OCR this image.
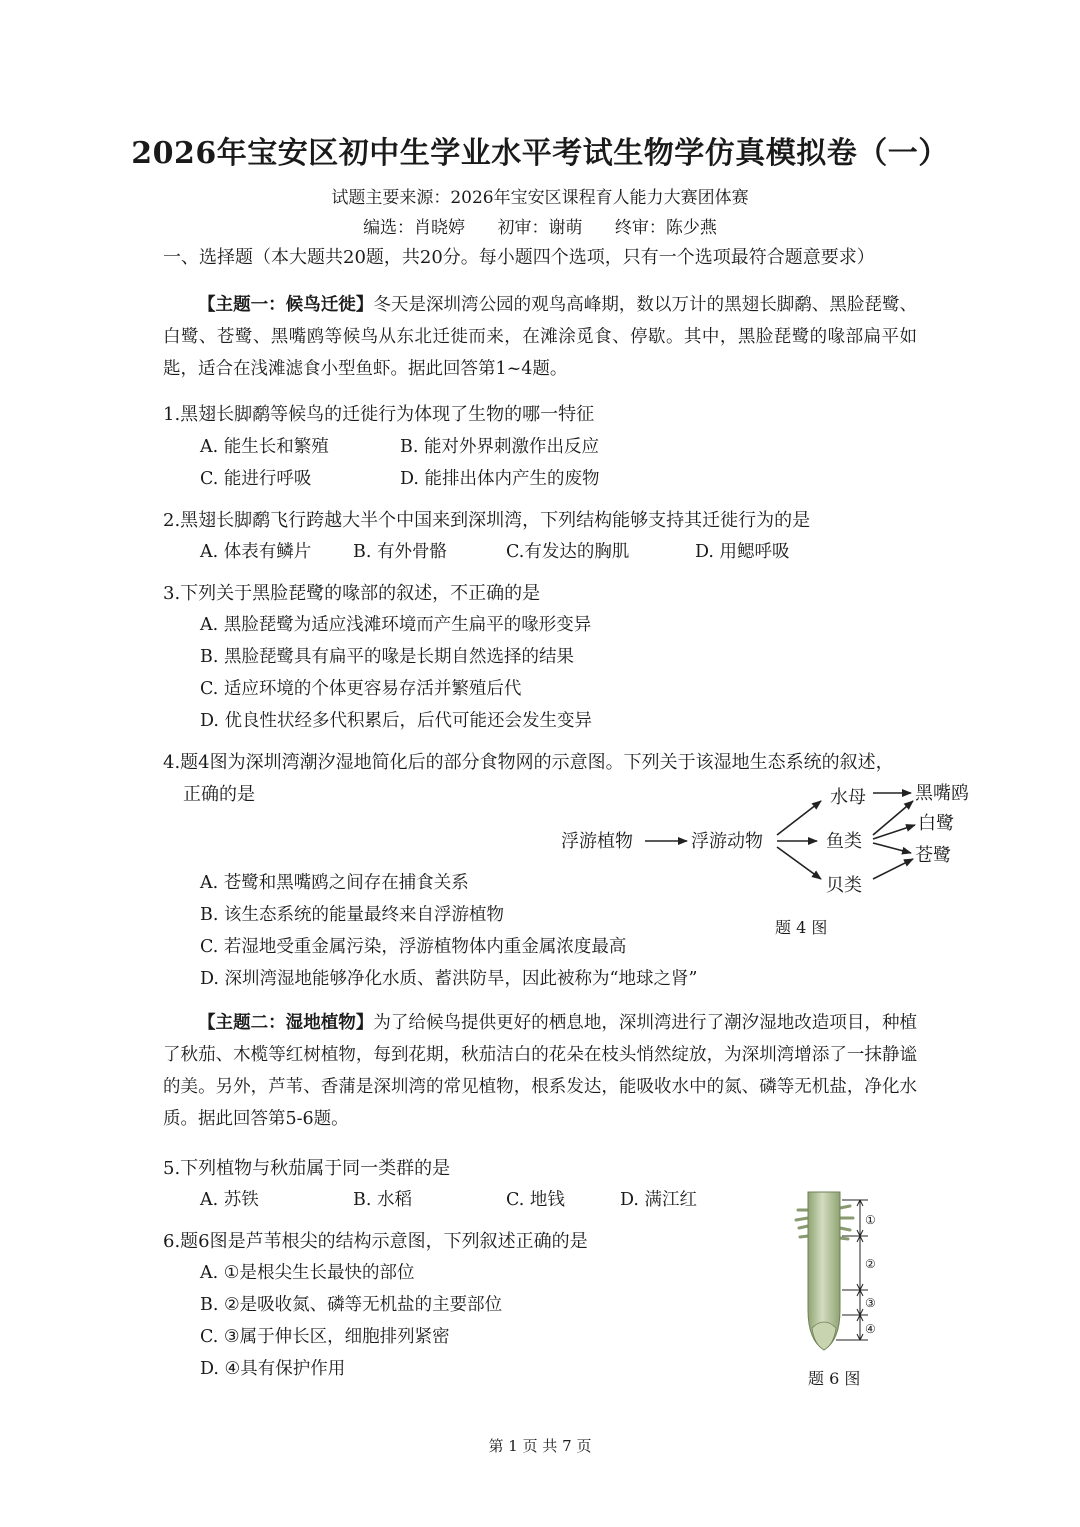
2026年宝安区初中生学业水平考试生物学仿真模拟卷（一）
试题主要来源：2026年宝安区课程育人能力大赛团体赛
编选：肖晓婷      初审：谢萌      终审：陈少燕
一、选择题（本大题共20题，共20分。每小题四个选项，只有一个选项最符合题意要求）
【主题一：候鸟迁徙】冬天是深圳湾公园的观鸟高峰期，数以万计的黑翅长脚鹬、黑脸琵鹭、白鹭、苍鹭、黑嘴鸥等候鸟从东北迁徙而来，在滩涂觅食、停歇。其中，黑脸琵鹭的喙部扁平如匙，适合在浅滩滤食小型鱼虾。据此回答第1~4题。
1.黑翅长脚鹬等候鸟的迁徙行为体现了生物的哪一特征
A. 能生长和繁殖	B. 能对外界刺激作出反应
C. 能进行呼吸	D. 能排出体内产生的废物
2.黑翅长脚鹬飞行跨越大半个中国来到深圳湾，下列结构能够支持其迁徙行为的是
A. 体表有鳞片 B. 有外骨骼	C.有发达的胸肌	D. 用鳃呼吸
3.下列关于黑脸琵鹭的喙部的叙述，不正确的是
A. 黑脸琵鹭为适应浅滩环境而产生扁平的喙形变异
B. 黑脸琵鹭具有扁平的喙是长期自然选择的结果
C. 适应环境的个体更容易存活并繁殖后代
D. 优良性状经多代积累后，后代可能还会发生变异
4.题4图为深圳湾潮汐湿地简化后的部分食物网的示意图。下列关于该湿地生态系统的叙述，
正确的是
A. 苍鹭和黑嘴鸥之间存在捕食关系
B. 该生态系统的能量最终来自浮游植物
C. 若湿地受重金属污染，浮游植物体内重金属浓度最高
D. 深圳湾湿地能够净化水质、蓄洪防旱，因此被称为“地球之肾”
浮游植物	浮游动物
水母
鱼类
贝类
黑嘴鸥
白鹭
苍鹭
题 4 图
【主题二：湿地植物】为了给候鸟提供更好的栖息地，深圳湾进行了潮汐湿地改造项目，种植了秋茄、木榄等红树植物，每到花期，秋茄洁白的花朵在枝头悄然绽放，为深圳湾增添了一抹静谧的美。另外，芦苇、香蒲是深圳湾的常见植物，根系发达，能吸收水中的氮、磷等无机盐，净化水质。据此回答第5-6题。
5.下列植物与秋茄属于同一类群的是
A. 苏铁	B. 水稻	C. 地钱	D. 满江红
6.题6图是芦苇根尖的结构示意图，下列叙述正确的是
A. ①是根尖生长最快的部位
B. ②是吸收氮、磷等无机盐的主要部位
C. ③属于伸长区，细胞排列紧密
D. ④具有保护作用
①
②
③
④
题 6 图
第 1 页 共 7 页
